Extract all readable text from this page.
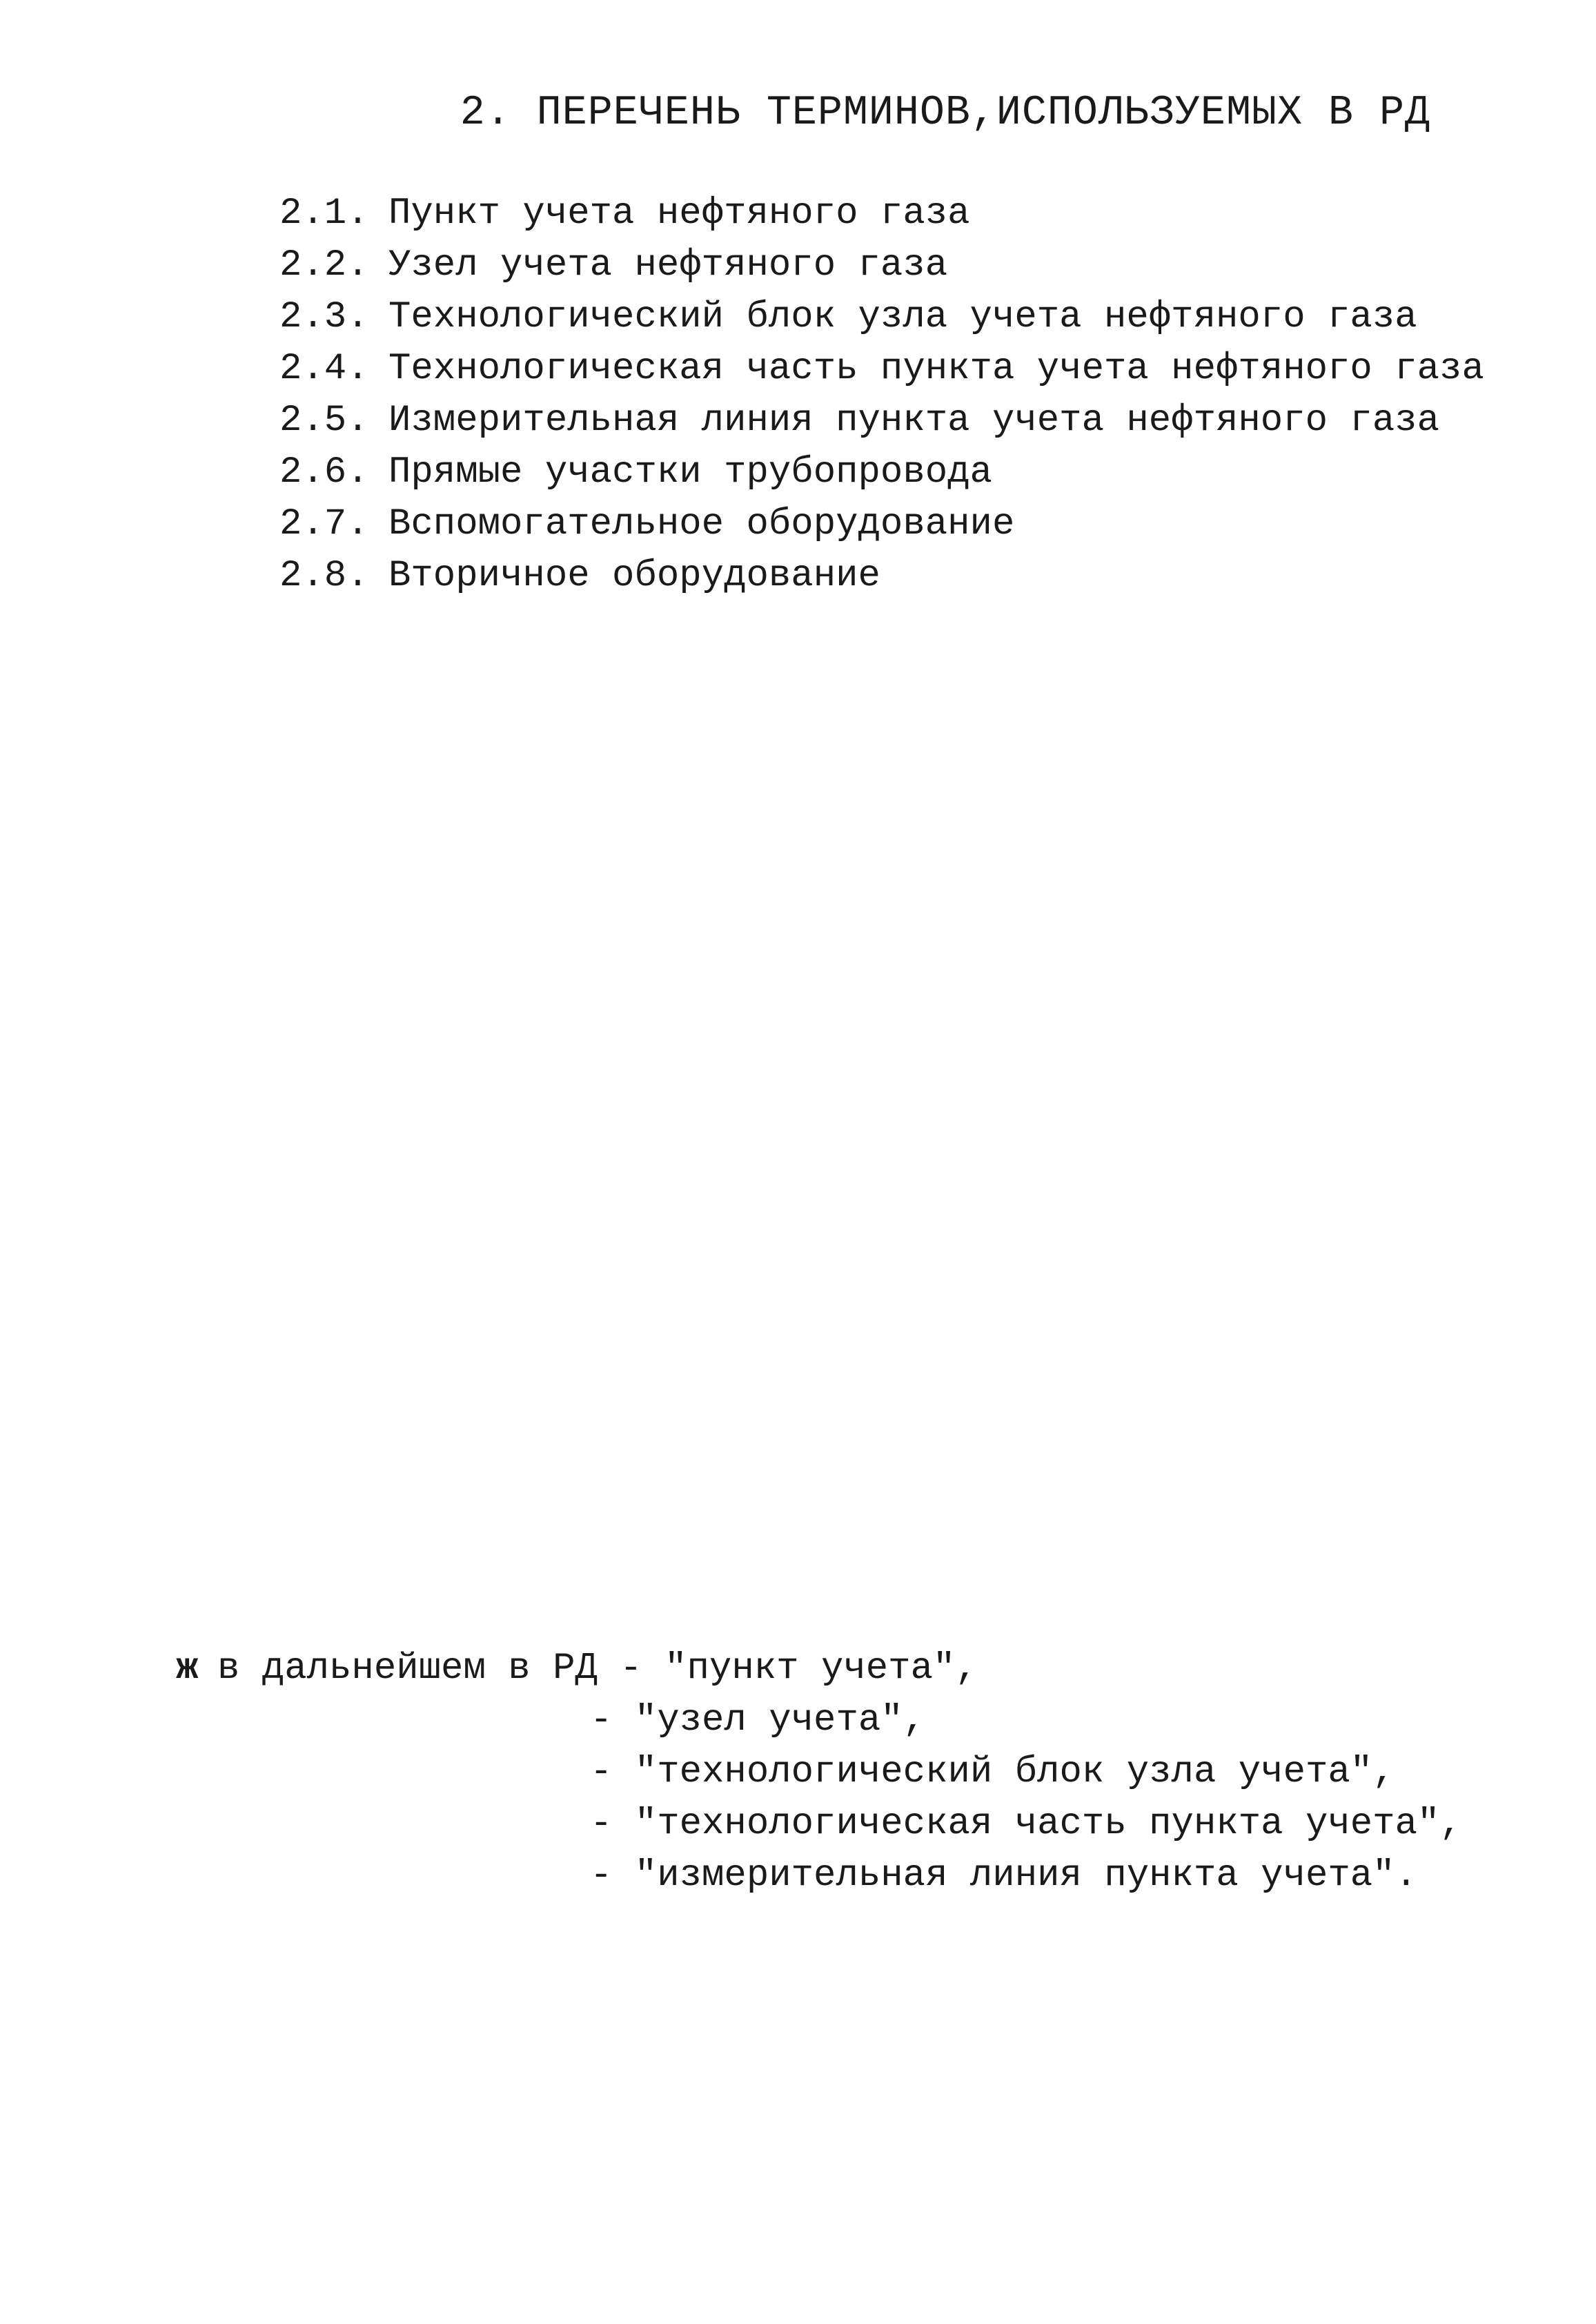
2. ПЕРЕЧЕНЬ ТЕРМИНОВ,ИСПОЛЬЗУЕМЫХ В РД
2.1. Пункт учета нефтяного газа
2.2. Узел учета нефтяного газа
2.3. Технологический блок узла учета нефтяного газа
2.4. Технологическая часть пункта учета нефтяного газа
2.5. Измерительная линия пункта учета нефтяного газа
2.6. Прямые участки трубопровода
2.7. Вспомогательное оборудование
2.8. Вторичное оборудование
ж в дальнейшем в РД - "пункт учета",
- "узел учета",
- "технологический блок узла учета",
- "технологическая часть пункта учета",
- "измерительная линия пункта учета".
